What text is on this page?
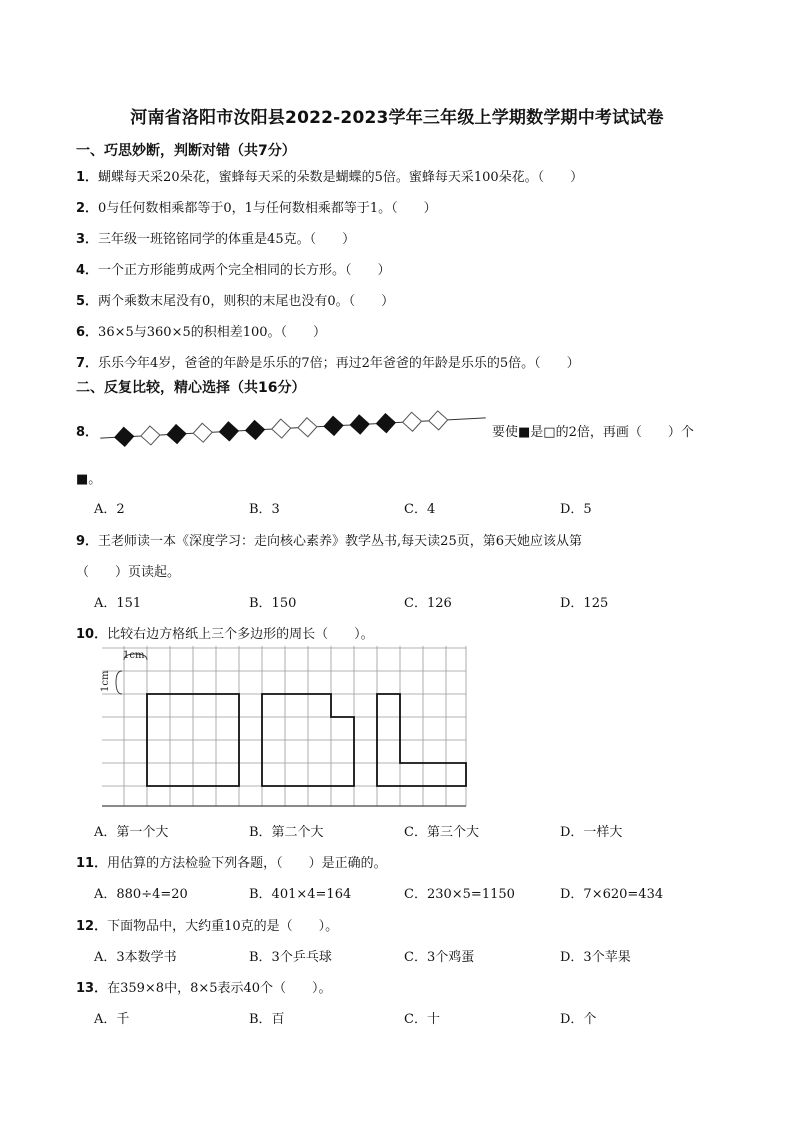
河南省洛阳市汝阳县2022-2023学年三年级上学期数学期中考试试卷
一、巧思妙断，判断对错（共7分）
1．蝴蝶每天采20朵花，蜜蜂每天采的朵数是蝴蝶的5倍。蜜蜂每天采100朵花。（　　）
2．0与任何数相乘都等于0，1与任何数相乘都等于1。（　　）
3．三年级一班铭铭同学的体重是45克。（　　）
4．一个正方形能剪成两个完全相同的长方形。（　　）
5．两个乘数末尾没有0，则积的末尾也没有0。（　　）
6．36×5与360×5的积相差100。（　　）
7．乐乐今年4岁，爸爸的年龄是乐乐的7倍；再过2年爸爸的年龄是乐乐的5倍。（　　）
二、反复比较，精心选择（共16分）
8．	要使■是□的2倍，再画（　　）个
■。
A．2	B．3	C．4	D．5
9．王老师读一本《深度学习：走向核心素养》教学丛书,每天读25页，第6天她应该从第
（　　）页读起。
A．151	B．150	C．126	D．125
10．比较右边方格纸上三个多边形的周长（　　）。
1cm
1cm
A．第一个大	B．第二个大	C．第三个大	D．一样大
11．用估算的方法检验下列各题，（　　）是正确的。
A．880÷4=20	B．401×4=164	C．230×5=1150	D．7×620=434
12．下面物品中，大约重10克的是（　　）。
A．3本数学书	B．3个乒乓球	C．3个鸡蛋	D．3个苹果
13．在359×8中，8×5表示40个（　　）。
A．千	B．百	C．十	D．个
